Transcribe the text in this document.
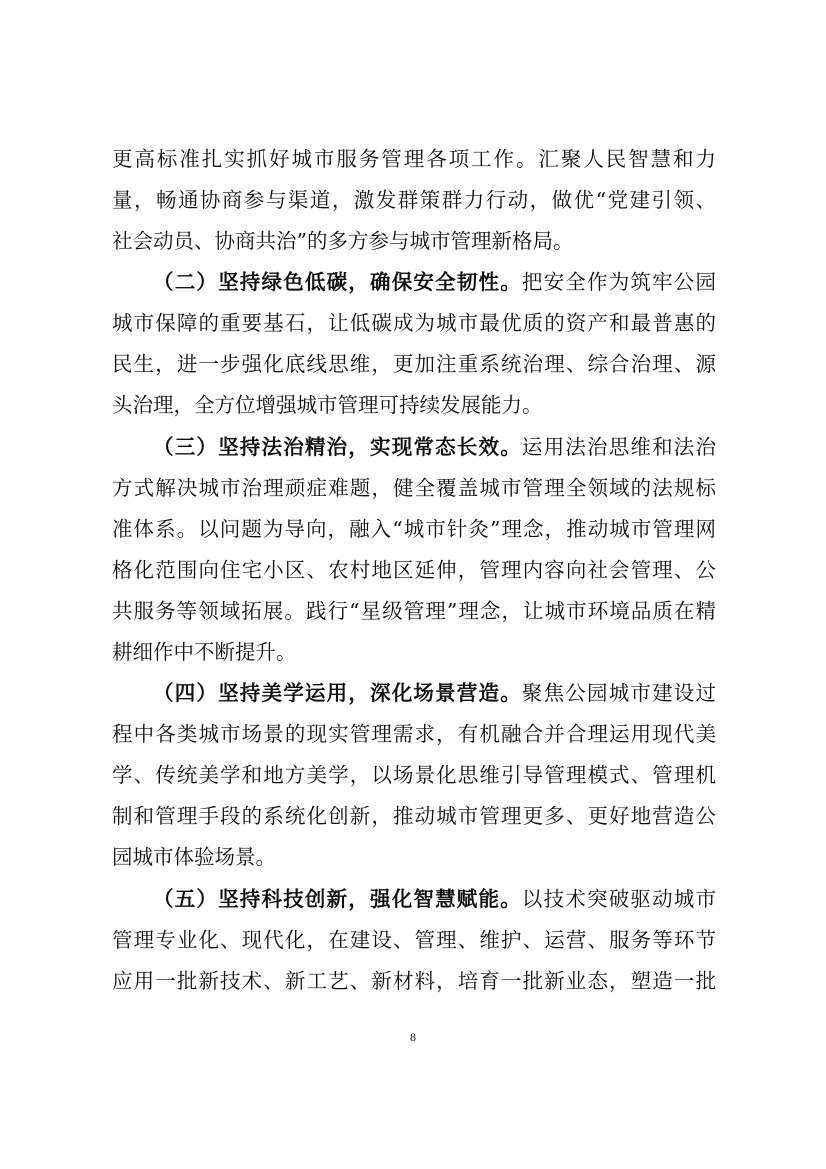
更高标准扎实抓好城市服务管理各项工作。汇聚人民智慧和力
量，畅通协商参与渠道，激发群策群力行动，做优“党建引领、
社会动员、协商共治”的多方参与城市管理新格局。
（二）坚持绿色低碳，确保安全韧性。把安全作为筑牢公园
城市保障的重要基石，让低碳成为城市最优质的资产和最普惠的
民生，进一步强化底线思维，更加注重系统治理、综合治理、源
头治理，全方位增强城市管理可持续发展能力。
（三）坚持法治精治，实现常态长效。运用法治思维和法治
方式解决城市治理顽症难题，健全覆盖城市管理全领域的法规标
准体系。以问题为导向，融入“城市针灸”理念，推动城市管理网
格化范围向住宅小区、农村地区延伸，管理内容向社会管理、公
共服务等领域拓展。践行“星级管理”理念，让城市环境品质在精
耕细作中不断提升。
（四）坚持美学运用，深化场景营造。聚焦公园城市建设过
程中各类城市场景的现实管理需求，有机融合并合理运用现代美
学、传统美学和地方美学，以场景化思维引导管理模式、管理机
制和管理手段的系统化创新，推动城市管理更多、更好地营造公
园城市体验场景。
（五）坚持科技创新，强化智慧赋能。以技术突破驱动城市
管理专业化、现代化，在建设、管理、维护、运营、服务等环节
应用一批新技术、新工艺、新材料，培育一批新业态，塑造一批
8
